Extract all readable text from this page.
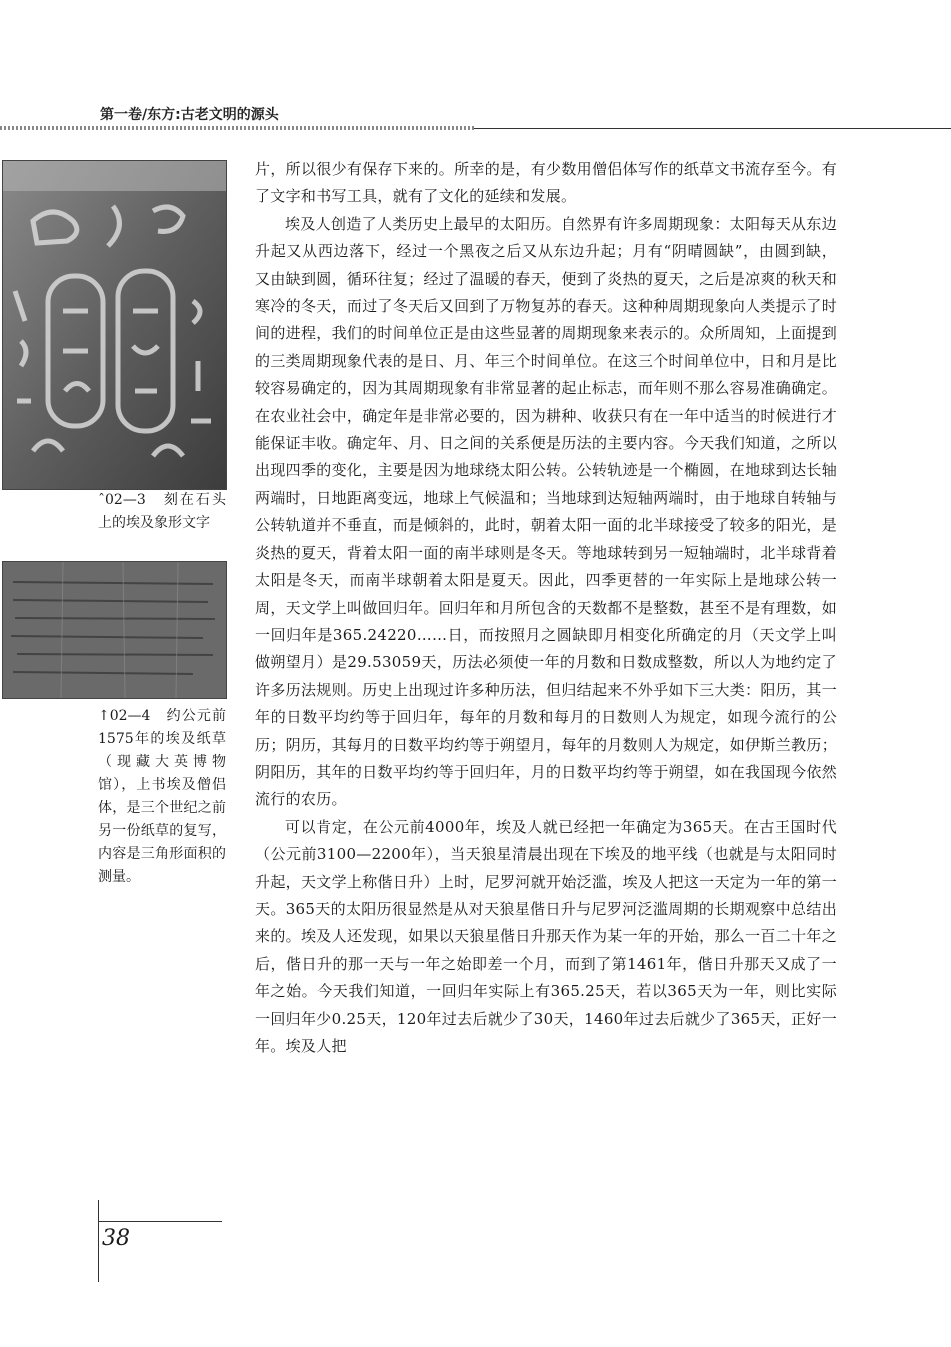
第一卷/东方:古老文明的源头
ˆ02—3　刻在石头上的埃及象形文字
↑02—4　约公元前1575年的埃及纸草（现藏大英博物馆），上书埃及僧侣体，是三个世纪之前另一份纸草的复写，内容是三角形面积的测量。

片，所以很少有保存下来的。所幸的是，有少数用僧侣体写作的纸草文书流存至今。有了文字和书写工具，就有了文化的延续和发展。

埃及人创造了人类历史上最早的太阳历。自然界有许多周期现象：太阳每天从东边升起又从西边落下，经过一个黑夜之后又从东边升起；月有“阴晴圆缺”，由圆到缺，又由缺到圆，循环往复；经过了温暖的春天，便到了炎热的夏天，之后是凉爽的秋天和寒冷的冬天，而过了冬天后又回到了万物复苏的春天。这种种周期现象向人类提示了时间的进程，我们的时间单位正是由这些显著的周期现象来表示的。众所周知，上面提到的三类周期现象代表的是日、月、年三个时间单位。在这三个时间单位中，日和月是比较容易确定的，因为其周期现象有非常显著的起止标志，而年则不那么容易准确确定。在农业社会中，确定年是非常必要的，因为耕种、收获只有在一年中适当的时候进行才能保证丰收。确定年、月、日之间的关系便是历法的主要内容。今天我们知道，之所以出现四季的变化，主要是因为地球绕太阳公转。公转轨迹是一个椭圆，在地球到达长轴两端时，日地距离变远，地球上气候温和；当地球到达短轴两端时，由于地球自转轴与公转轨道并不垂直，而是倾斜的，此时，朝着太阳一面的北半球接受了较多的阳光，是炎热的夏天，背着太阳一面的南半球则是冬天。等地球转到另一短轴端时，北半球背着太阳是冬天，而南半球朝着太阳是夏天。因此，四季更替的一年实际上是地球公转一周，天文学上叫做回归年。回归年和月所包含的天数都不是整数，甚至不是有理数，如一回归年是365.24220……日，而按照月之圆缺即月相变化所确定的月（天文学上叫做朔望月）是29.53059天，历法必须使一年的月数和日数成整数，所以人为地约定了许多历法规则。历史上出现过许多种历法，但归结起来不外乎如下三大类：阳历，其一年的日数平均约等于回归年，每年的月数和每月的日数则人为规定，如现今流行的公历；阴历，其每月的日数平均约等于朔望月，每年的月数则人为规定，如伊斯兰教历；阴阳历，其年的日数平均约等于回归年，月的日数平均约等于朔望，如在我国现今依然流行的农历。

可以肯定，在公元前4000年，埃及人就已经把一年确定为365天。在古王国时代（公元前3100—2200年），当天狼星清晨出现在下埃及的地平线（也就是与太阳同时升起，天文学上称偕日升）上时，尼罗河就开始泛滥，埃及人把这一天定为一年的第一天。365天的太阳历很显然是从对天狼星偕日升与尼罗河泛滥周期的长期观察中总结出来的。埃及人还发现，如果以天狼星偕日升那天作为某一年的开始，那么一百二十年之后，偕日升的那一天与一年之始即差一个月，而到了第1461年，偕日升那天又成了一年之始。今天我们知道，一回归年实际上有365.25天，若以365天为一年，则比实际一回归年少0.25天，120年过去后就少了30天，1460年过去后就少了365天，正好一年。埃及人把

38
